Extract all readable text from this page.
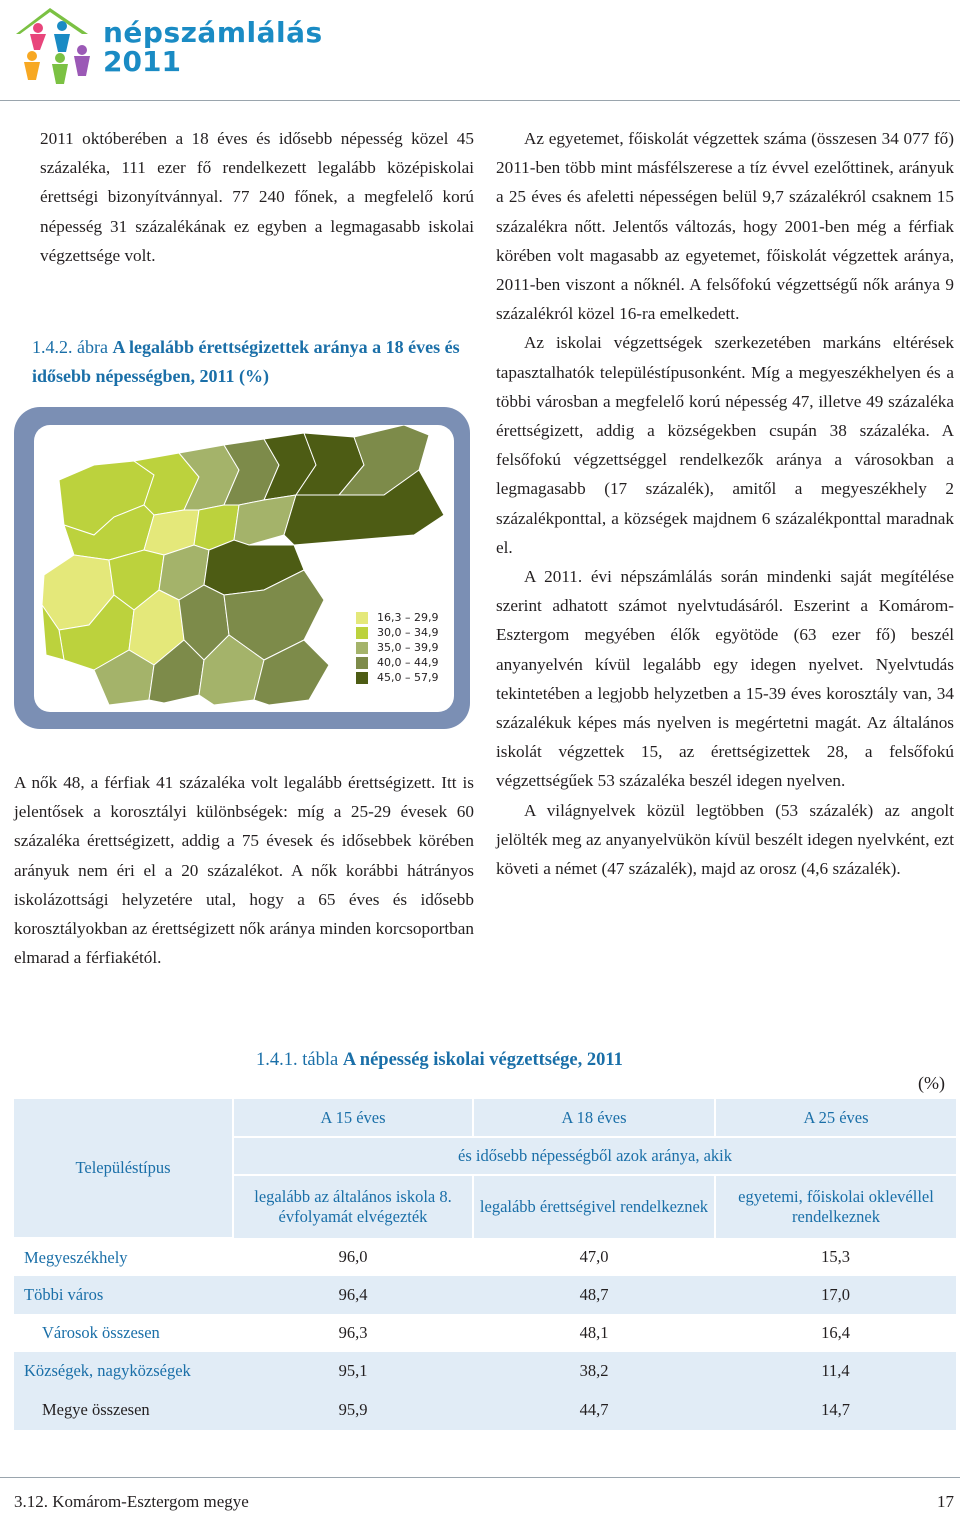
népszámlálás
2011

2011 októberében a 18 éves és idősebb népesség közel 45 százaléka, 111 ezer fő rendelkezett legalább középiskolai érettségi bizonyítvánnyal. 77 240 főnek, a megfelelő korú népesség 31 százalékának ez egyben a legmagasabb iskolai végzettsége volt.

1.4.2. ábra A legalább érettségizettek aránya a 18 éves és idősebb népességben, 2011 (%)
16,3 – 29,9
30,0 – 34,9
35,0 – 39,9
40,0 – 44,9
45,0 – 57,9

A nők 48, a férfiak 41 százaléka volt legalább érettségizett. Itt is jelentősek a korosztályi különbségek: míg a 25-29 évesek 60 százaléka érettségizett, addig a 75 évesek és idősebbek körében arányuk nem éri el a 20 százalékot. A nők korábbi hátrányos iskolázottsági helyzetére utal, hogy a 65 éves és idősebb korosztályokban az érettségizett nők aránya minden korcsoportban elmarad a férfiakétól.

Az egyetemet, főiskolát végzettek száma (összesen 34 077 fő) 2011-ben több mint másfélszerese a tíz évvel ezelőttinek, arányuk a 25 éves és afeletti népességen belül 9,7 százalékról csaknem 15 százalékra nőtt. Jelentős változás, hogy 2001-ben még a férfiak körében volt magasabb az egyetemet, főiskolát végzettek aránya, 2011-ben viszont a nőknél. A felsőfokú végzettségű nők aránya 9 százalékról közel 16-ra emelkedett.

Az iskolai végzettségek szerkezetében markáns eltérések tapasztalhatók településtípusonként. Míg a megyeszékhelyen és a többi városban a megfelelő korú népesség 47, illetve 49 százaléka érettségizett, addig a községekben csupán 38 százaléka. A felsőfokú végzettséggel rendelkezők aránya a városokban a legmagasabb (17 százalék), amitől a megyeszékhely 2 százalékponttal, a községek majdnem 6 százalékponttal maradnak el.

A 2011. évi népszámlálás során mindenki saját megítélése szerint adhatott számot nyelvtudásáról. Eszerint a Komárom-Esztergom megyében élők egyötöde (63 ezer fő) beszél anyanyelvén kívül legalább egy idegen nyelvet. Nyelvtudás tekintetében a legjobb helyzetben a 15-39 éves korosztály van, 34 százalékuk képes más nyelven is megértetni magát. Az általános iskolát végzettek 15, az érettségizettek 28, a felsőfokú végzettségűek 53 százaléka beszél idegen nyelven.

A világnyelvek közül legtöbben (53 százalék) az angolt jelölték meg az anyanyelvükön kívül beszélt idegen nyelvként, ezt követi a német (47 százalék), majd az orosz (4,6 százalék).

1.4.1. tábla A népesség iskolai végzettsége, 2011
(%)
Településtípus	A 15 éves	A 18 éves	A 25 éves
	és idősebb népességből azok aránya, akik		
	legalább az általános iskola 8. évfolyamát elvégezték	legalább érettségivel rendelkeznek	egyetemi, főiskolai oklevéllel rendelkeznek
Megyeszékhely	96,0	47,0	15,3
Többi város	96,4	48,7	17,0
Városok összesen	96,3	48,1	16,4
Községek, nagyközségek	95,1	38,2	11,4
Megye összesen	95,9	44,7	14,7
3.12. Komárom-Esztergom megye	17
